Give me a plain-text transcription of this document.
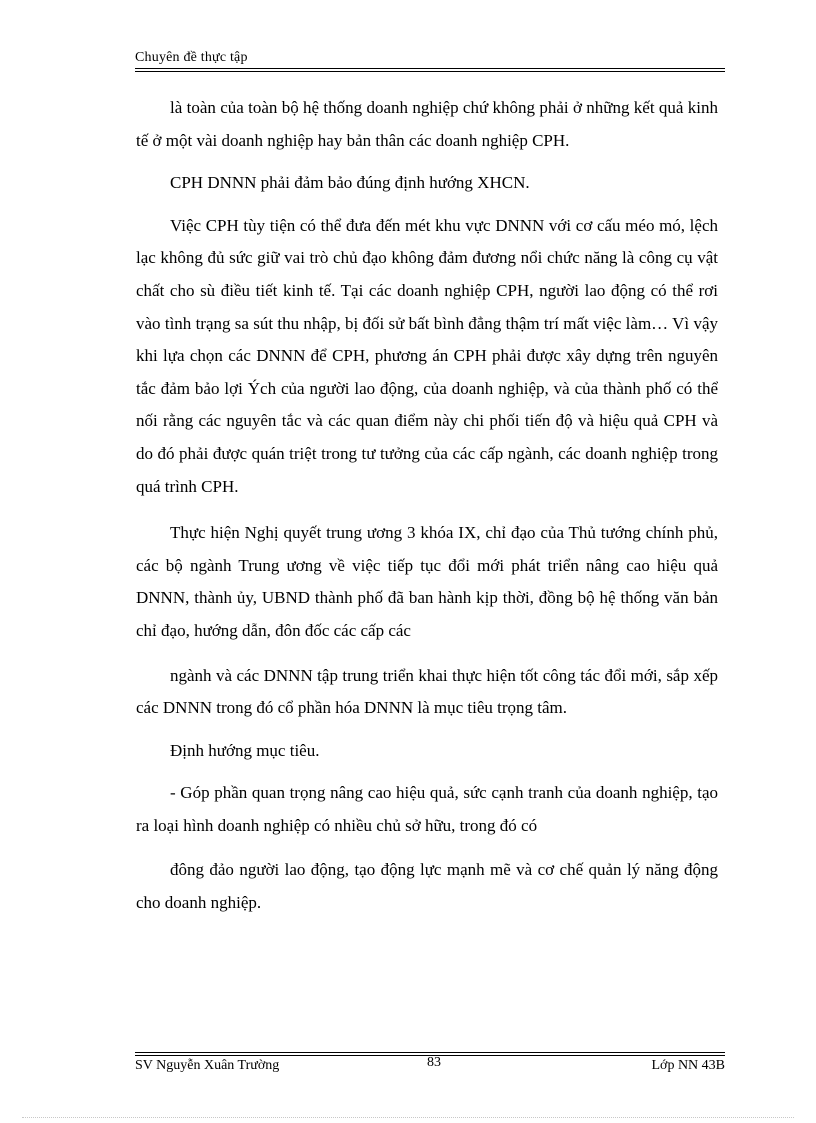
Chuyên đề thực tập

là toàn của toàn bộ hệ thống doanh nghiệp chứ không phải ở những kết quả kinh tế ở một vài doanh nghiệp hay bản thân các doanh nghiệp CPH.

CPH DNNN phải đảm bảo đúng định hướng XHCN.

Việc CPH tùy tiện có thể đưa đến mét khu vực DNNN với cơ cấu méo mó, lệch lạc không đủ sức giữ vai trò chủ đạo không đảm đương nổi chức năng là công cụ vật chất cho sù điều tiết kinh tế. Tại các doanh nghiệp CPH, người lao động có thể rơi vào tình trạng sa sút thu nhập, bị đối sử bất bình đẳng thậm trí mất việc làm… Vì vậy khi lựa chọn các DNNN để CPH, phương án CPH phải được xây dựng trên nguyên tắc đảm bảo lợi Ých của người lao động, của doanh nghiệp, và của thành phố có thể nối rằng các nguyên tắc và các quan điểm này chi phối tiến độ và hiệu quả CPH và do đó phải được quán triệt trong tư tưởng của các cấp ngành, các doanh nghiệp trong quá trình CPH.

Thực hiện Nghị quyết trung ương 3 khóa IX, chỉ đạo của Thủ tướng chính phủ, các bộ ngành Trung ương về việc tiếp tục đổi mới phát triển nâng cao hiệu quả DNNN, thành ủy, UBND thành phố đã ban hành kịp thời, đồng bộ hệ thống văn bản chỉ đạo, hướng dẫn, đôn đốc các cấp các

ngành và các DNNN tập trung triển khai thực hiện tốt công tác đổi mới, sắp xếp các DNNN trong đó cổ phần hóa DNNN là mục tiêu trọng tâm.

Định hướng mục tiêu.

- Góp phần quan trọng nâng cao hiệu quả, sức cạnh tranh của doanh nghiệp, tạo ra loại hình doanh nghiệp có nhiều chủ sở hữu, trong đó có

đông đảo người lao động, tạo động lực mạnh mẽ và cơ chế quản lý năng động cho doanh nghiệp.

SV Nguyễn Xuân Trường	83	Lớp NN 43B
